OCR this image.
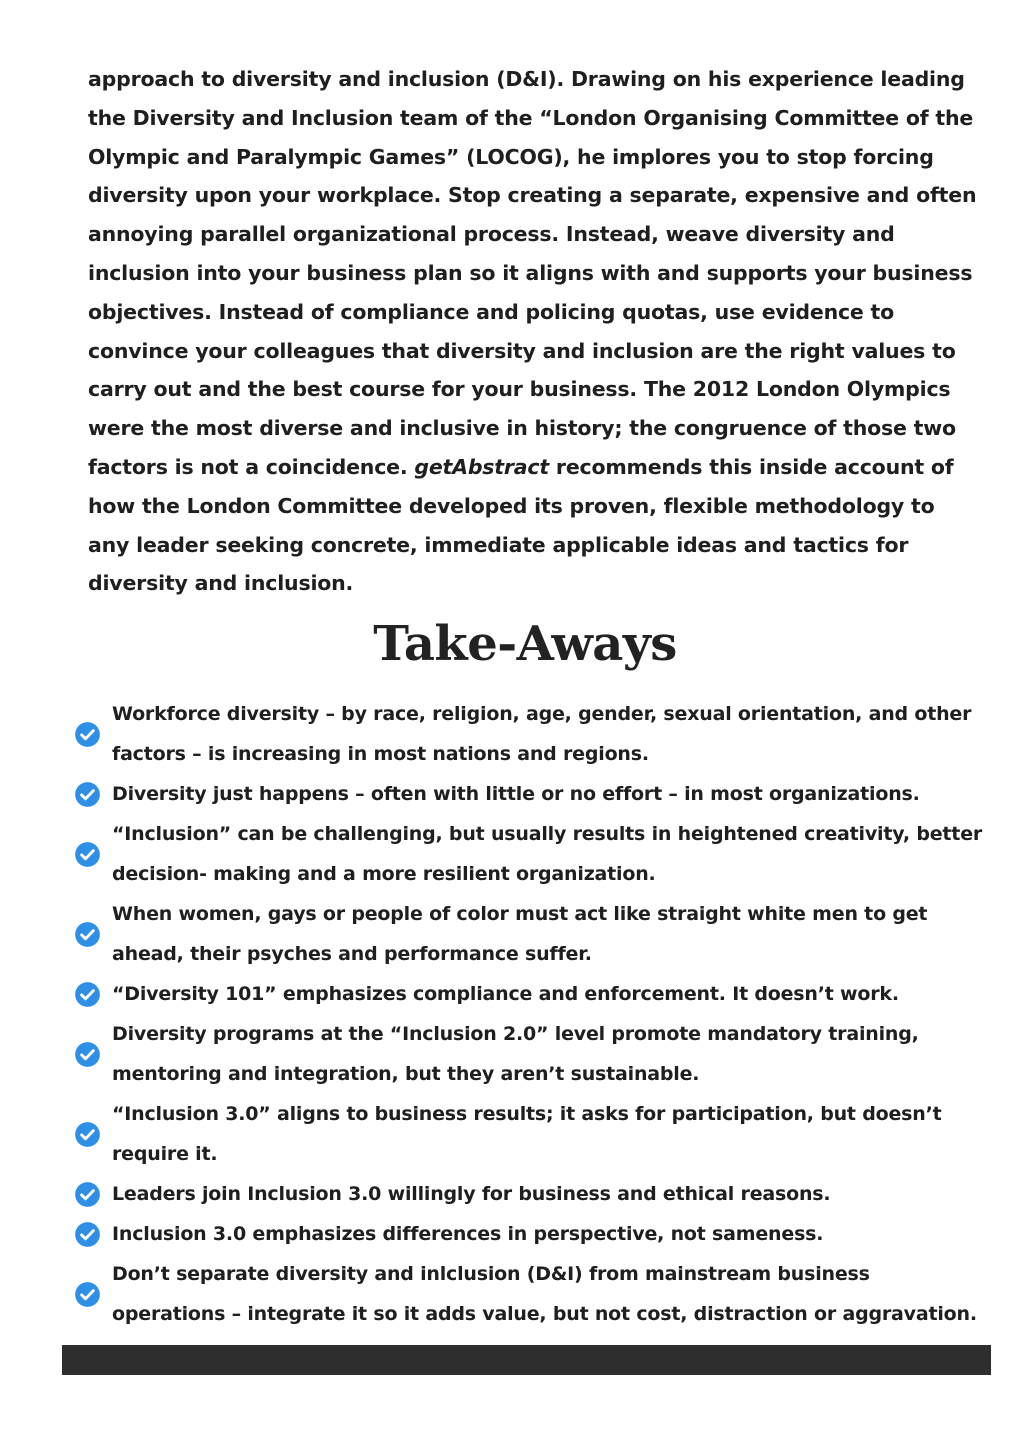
approach to diversity and inclusion (D&I). Drawing on his experience leading the Diversity and Inclusion team of the “London Organising Committee of the Olympic and Paralympic Games” (LOCOG), he implores you to stop forcing diversity upon your workplace. Stop creating a separate, expensive and often annoying parallel organizational process. Instead, weave diversity and inclusion into your business plan so it aligns with and supports your business objectives. Instead of compliance and policing quotas, use evidence to convince your colleagues that diversity and inclusion are the right values to carry out and the best course for your business. The 2012 London Olympics were the most diverse and inclusive in history; the congruence of those two factors is not a coincidence. getAbstract recommends this inside account of how the London Committee developed its proven, flexible methodology to any leader seeking concrete, immediate applicable ideas and tactics for diversity and inclusion.

Take-Aways
Workforce diversity – by race, religion, age, gender, sexual orientation, and other factors – is increasing in most nations and regions.
Diversity just happens – often with little or no effort – in most organizations.
“Inclusion” can be challenging, but usually results in heightened creativity, better decision- making and a more resilient organization.
When women, gays or people of color must act like straight white men to get ahead, their psyches and performance suffer.
“Diversity 101” emphasizes compliance and enforcement. It doesn’t work.
Diversity programs at the “Inclusion 2.0” level promote mandatory training, mentoring and integration, but they aren’t sustainable.
“Inclusion 3.0” aligns to business results; it asks for participation, but doesn’t require it.
Leaders join Inclusion 3.0 willingly for business and ethical reasons.
Inclusion 3.0 emphasizes differences in perspective, not sameness.
Don’t separate diversity and inlclusion (D&I) from mainstream business operations – integrate it so it adds value, but not cost, distraction or aggravation.
